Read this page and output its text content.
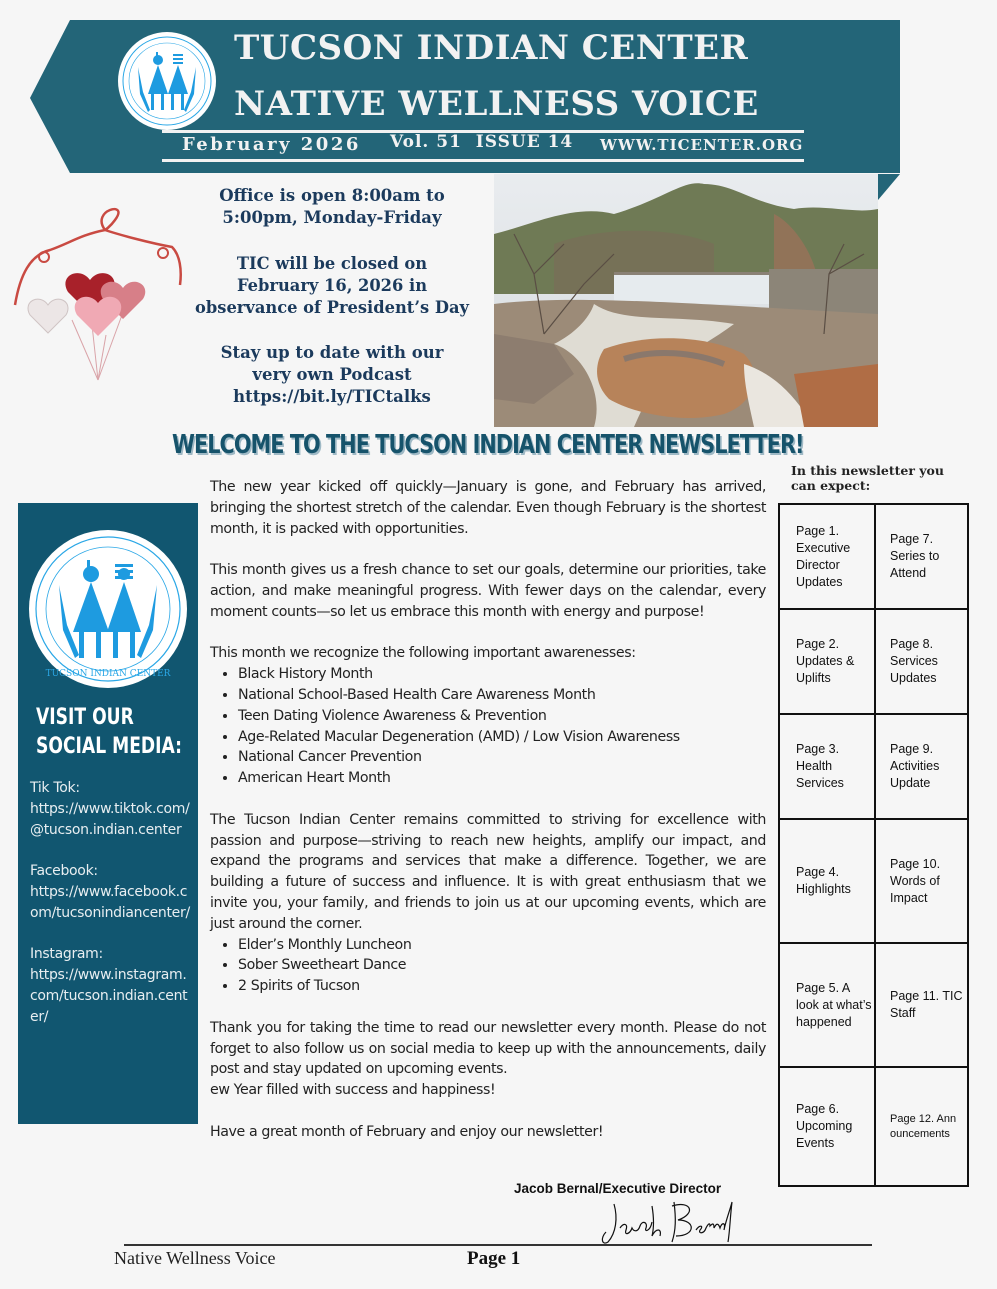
TUCSON INDIAN CENTER
NATIVE WELLNESS VOICE
February 2026 Vol. 51  ISSUE 14 WWW.TICENTER.ORG
Office is open 8:00am to
5:00pm, Monday-Friday
TIC will be closed on
February 16, 2026 in
observance of President’s Day
Stay up to date with our
very own Podcast
https://bit.ly/TICtalks
WELCOME TO THE TUCSON INDIAN CENTER NEWSLETTER!
TUCSON INDIAN CENTER
VISIT OUR SOCIAL MEDIA:
Tik Tok:
https://www.tiktok.com/@tucson.indian.center
Facebook:
https://www.facebook.com/tucsonindiancenter/
Instagram:
https://www.instagram.com/tucson.indian.center/

The new year kicked off quickly—January is gone, and February has arrived, bringing the shortest stretch of the calendar. Even though February is the shortest month, it is packed with opportunities.

This month gives us a fresh chance to set our goals, determine our priorities, take action, and make meaningful progress. With fewer days on the calendar, every moment counts—so let us embrace this month with energy and purpose!

This month we recognize the following important awarenesses:

• Black History Month
• National School-Based Health Care Awareness Month
• Teen Dating Violence Awareness & Prevention
• Age-Related Macular Degeneration (AMD) / Low Vision Awareness
• National Cancer Prevention
• American Heart Month

The Tucson Indian Center remains committed to striving for excellence with passion and purpose—striving to reach new heights, amplify our impact, and expand the programs and services that make a difference. Together, we are building a future of success and influence. It is with great enthusiasm that we invite you, your family, and friends to join us at our upcoming events, which are just around the corner.

• Elder’s Monthly Luncheon
• Sober Sweetheart Dance
• 2 Spirits of Tucson

Thank you for taking the time to read our newsletter every month. Please do not forget to also follow us on social media to keep up with the announcements, daily post and stay updated on upcoming events.

ew Year filled with success and happiness!

Have a great month of February and enjoy our newsletter!

In this newsletter you can expect:
Page 1. Executive Director Updates
Page 7. Series to Attend
Page 2. Updates & Uplifts
Page 8. Services Updates
Page 3. Health Services
Page 9. Activities Update
Page 4. Highlights
Page 10. Words of Impact
Page 5. A look at what’s happened
Page 11. TIC Staff
Page 6. Upcoming Events
Page 12. Announcements
Jacob Bernal/Executive Director
Native Wellness Voice	Page 1
